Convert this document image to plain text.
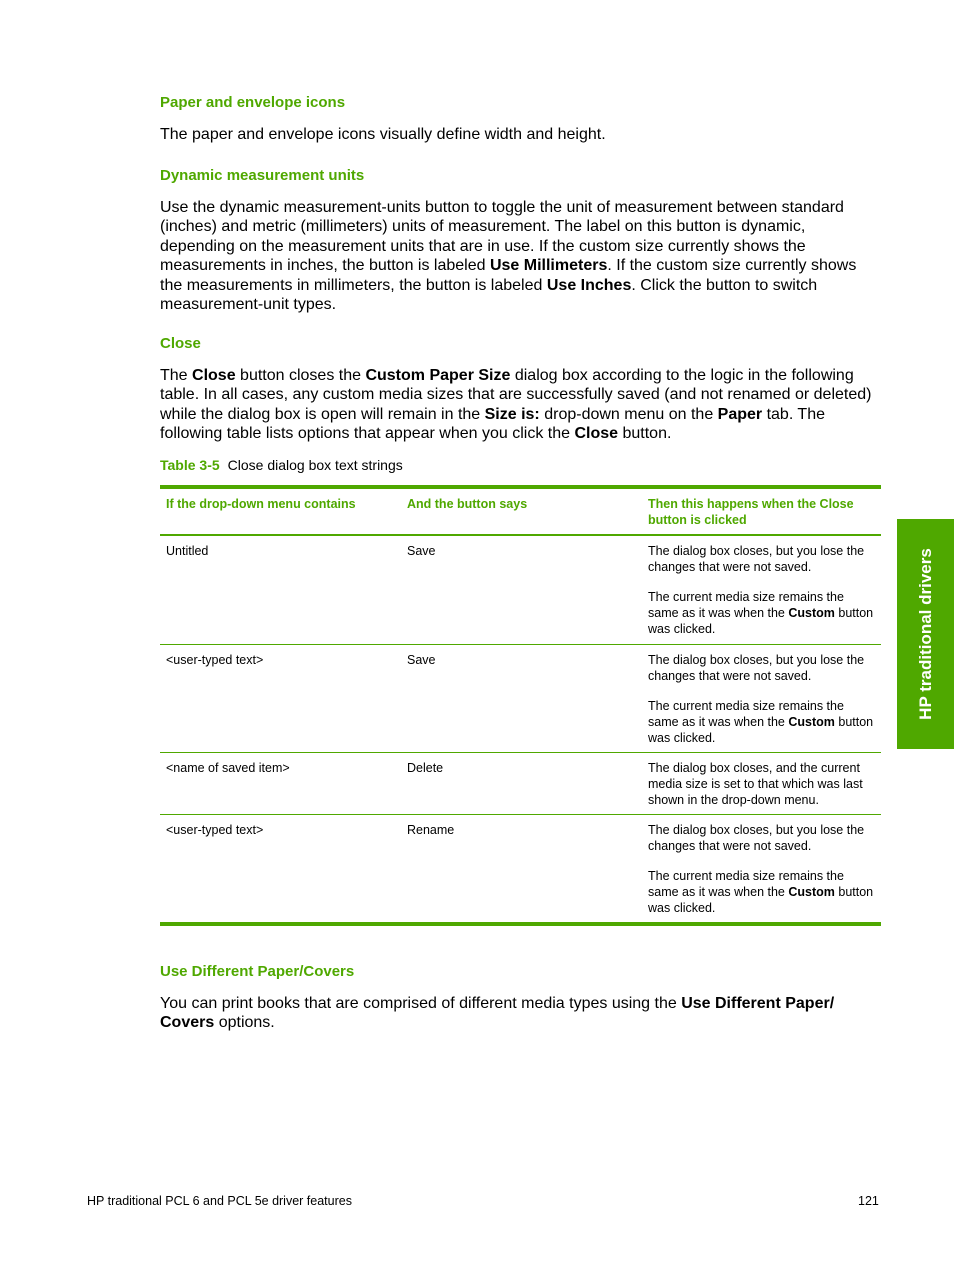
Paper and envelope icons

The paper and envelope icons visually define width and height.

Dynamic measurement units

Use the dynamic measurement-units button to toggle the unit of measurement between standard (inches) and metric (millimeters) units of measurement. The label on this button is dynamic, depending on the measurement units that are in use. If the custom size currently shows the measurements in inches, the button is labeled Use Millimeters. If the custom size currently shows the measurements in millimeters, the button is labeled Use Inches. Click the button to switch measurement-unit types.

Close

The Close button closes the Custom Paper Size dialog box according to the logic in the following table. In all cases, any custom media sizes that are successfully saved (and not renamed or deleted) while the dialog box is open will remain in the Size is: drop-down menu on the Paper tab. The following table lists options that appear when you click the Close button.

Table 3-5 Close dialog box text strings
If the drop-down menu contains	And the button says	Then this happens when the Close button is clicked
Untitled	Save	The dialog box closes, but you lose the changes that were not saved.

The current media size remains the same as it was when the Custom button was clicked.

<user-typed text>	Save	The dialog box closes, but you lose the changes that were not saved.

The current media size remains the same as it was when the Custom button was clicked.

<name of saved item>	Delete	The dialog box closes, and the current media size is set to that which was last shown in the drop-down menu.

<user-typed text>	Rename	The dialog box closes, but you lose the changes that were not saved.

The current media size remains the same as it was when the Custom button was clicked.

Use Different Paper/Covers

You can print books that are comprised of different media types using the Use Different Paper/ Covers options.

HP traditional drivers
HP traditional PCL 6 and PCL 5e driver features	121
